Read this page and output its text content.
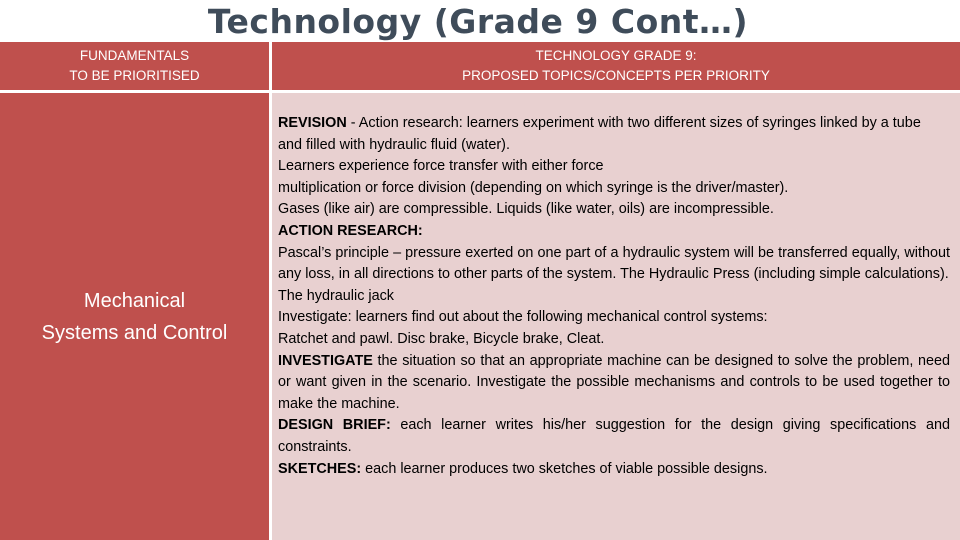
Technology (Grade 9 Cont…)
FUNDAMENTALS
TO BE PRIORITISED
TECHNOLOGY GRADE 9:
PROPOSED TOPICS/CONCEPTS PER PRIORITY
Mechanical
Systems and Control
REVISION - Action research: learners experiment with two different sizes of syringes linked by a tube
and filled with hydraulic fluid (water).
Learners experience force transfer with either force
multiplication or force division (depending on which syringe is the driver/master).
Gases (like air) are compressible. Liquids (like water, oils) are incompressible.
ACTION RESEARCH:
Pascal’s principle – pressure exerted on one part of a hydraulic system will be transferred equally, without any loss, in all directions to other parts of the system. The Hydraulic Press (including simple calculations).
The hydraulic jack
Investigate: learners find out about the following mechanical control systems:
Ratchet and pawl. Disc brake, Bicycle brake, Cleat.
INVESTIGATE the situation so that an appropriate machine can be designed to solve the problem, need or want given in the scenario. Investigate the possible mechanisms and controls to be used together to make the machine.
DESIGN BRIEF: each learner writes his/her suggestion for the design giving specifications and constraints.
SKETCHES: each learner produces two sketches of viable possible designs.
